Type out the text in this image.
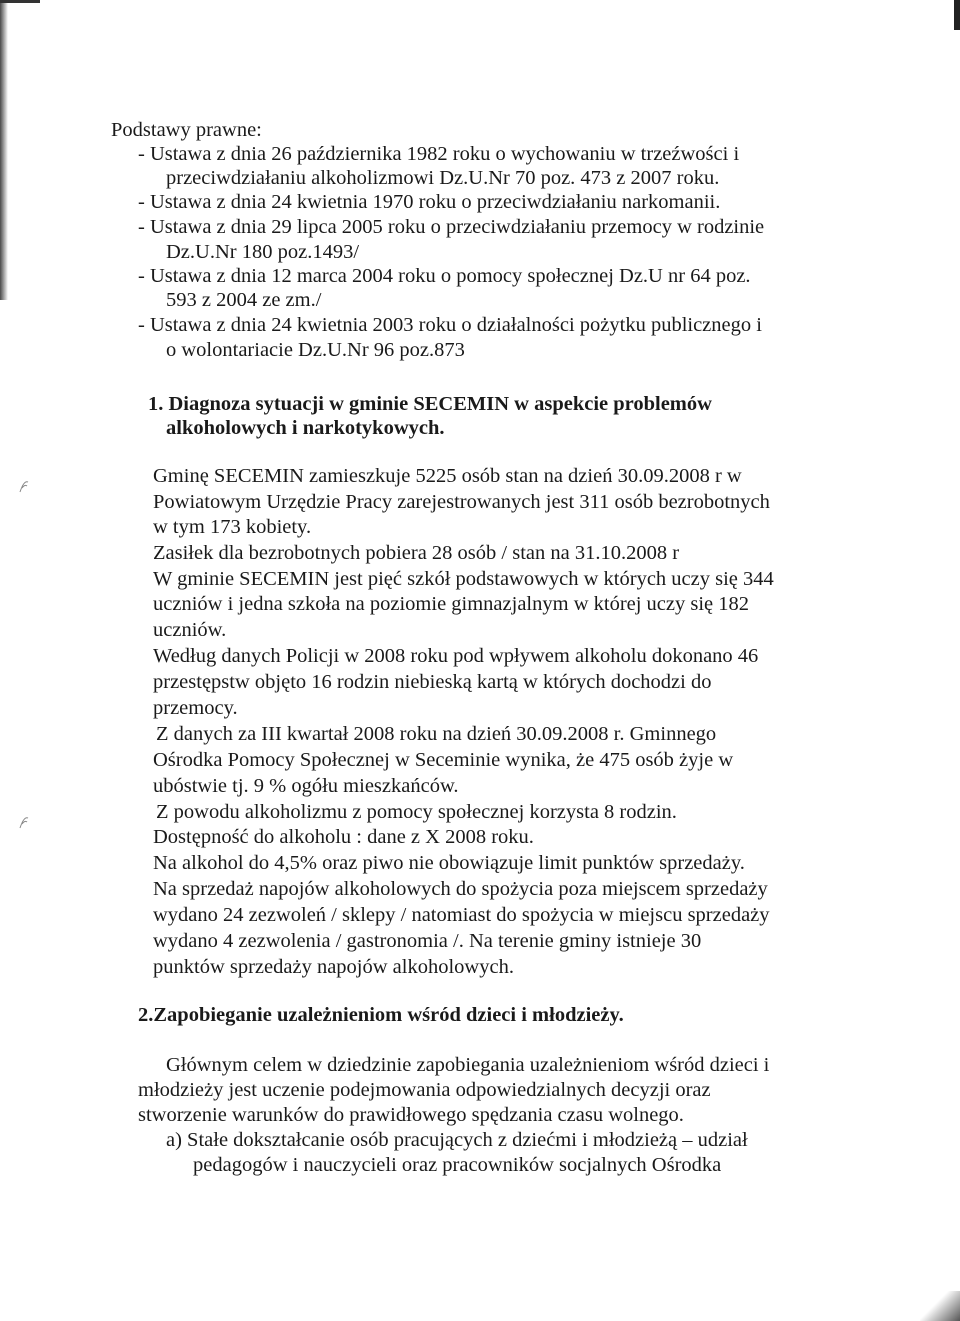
Podstawy prawne:
- Ustawa z dnia 26 października 1982 roku o wychowaniu w trzeźwości i
przeciwdziałaniu alkoholizmowi Dz.U.Nr 70 poz. 473 z 2007 roku.
- Ustawa z dnia 24 kwietnia 1970 roku o przeciwdziałaniu narkomanii.
- Ustawa z dnia 29 lipca 2005 roku o przeciwdziałaniu przemocy w rodzinie
Dz.U.Nr 180 poz.1493/
- Ustawa z dnia 12 marca 2004 roku o pomocy społecznej Dz.U nr 64 poz.
593 z 2004 ze zm./
- Ustawa z dnia 24 kwietnia 2003 roku o działalności pożytku publicznego i
o wolontariacie Dz.U.Nr 96 poz.873
1. Diagnoza sytuacji w gminie SECEMIN w aspekcie problemów
alkoholowych i narkotykowych.
Gminę SECEMIN zamieszkuje 5225 osób stan na dzień 30.09.2008 r w
Powiatowym Urzędzie Pracy zarejestrowanych jest 311 osób bezrobotnych
w tym 173 kobiety.
Zasiłek dla bezrobotnych pobiera 28 osób / stan na 31.10.2008 r
W gminie SECEMIN jest pięć szkół podstawowych w których uczy się 344
uczniów i jedna szkoła na poziomie gimnazjalnym w której uczy się 182
uczniów.
Według danych Policji w 2008 roku pod wpływem alkoholu dokonano 46
przestępstw objęto 16 rodzin niebieską kartą w których dochodzi do
przemocy.
Z danych za III kwartał 2008 roku na dzień 30.09.2008 r. Gminnego
Ośrodka Pomocy Społecznej w Seceminie wynika, że 475 osób żyje w
ubóstwie tj. 9 % ogółu mieszkańców.
Z powodu alkoholizmu z pomocy społecznej korzysta 8 rodzin.
Dostępność do alkoholu : dane z X 2008 roku.
Na alkohol do 4,5% oraz piwo nie obowiązuje limit punktów sprzedaży.
Na sprzedaż napojów alkoholowych do spożycia poza miejscem sprzedaży
wydano 24 zezwoleń / sklepy / natomiast do spożycia w miejscu sprzedaży
wydano 4 zezwolenia / gastronomia /. Na terenie gminy istnieje 30
punktów sprzedaży napojów alkoholowych.
2.Zapobieganie uzależnieniom wśród dzieci i młodzieży.
Głównym celem w dziedzinie zapobiegania uzależnieniom wśród dzieci i
młodzieży jest uczenie podejmowania odpowiedzialnych decyzji oraz
stworzenie warunków do prawidłowego spędzania czasu wolnego.
a) Stałe dokształcanie osób pracujących z dziećmi i młodzieżą – udział
pedagogów i nauczycieli oraz pracowników socjalnych Ośrodka
